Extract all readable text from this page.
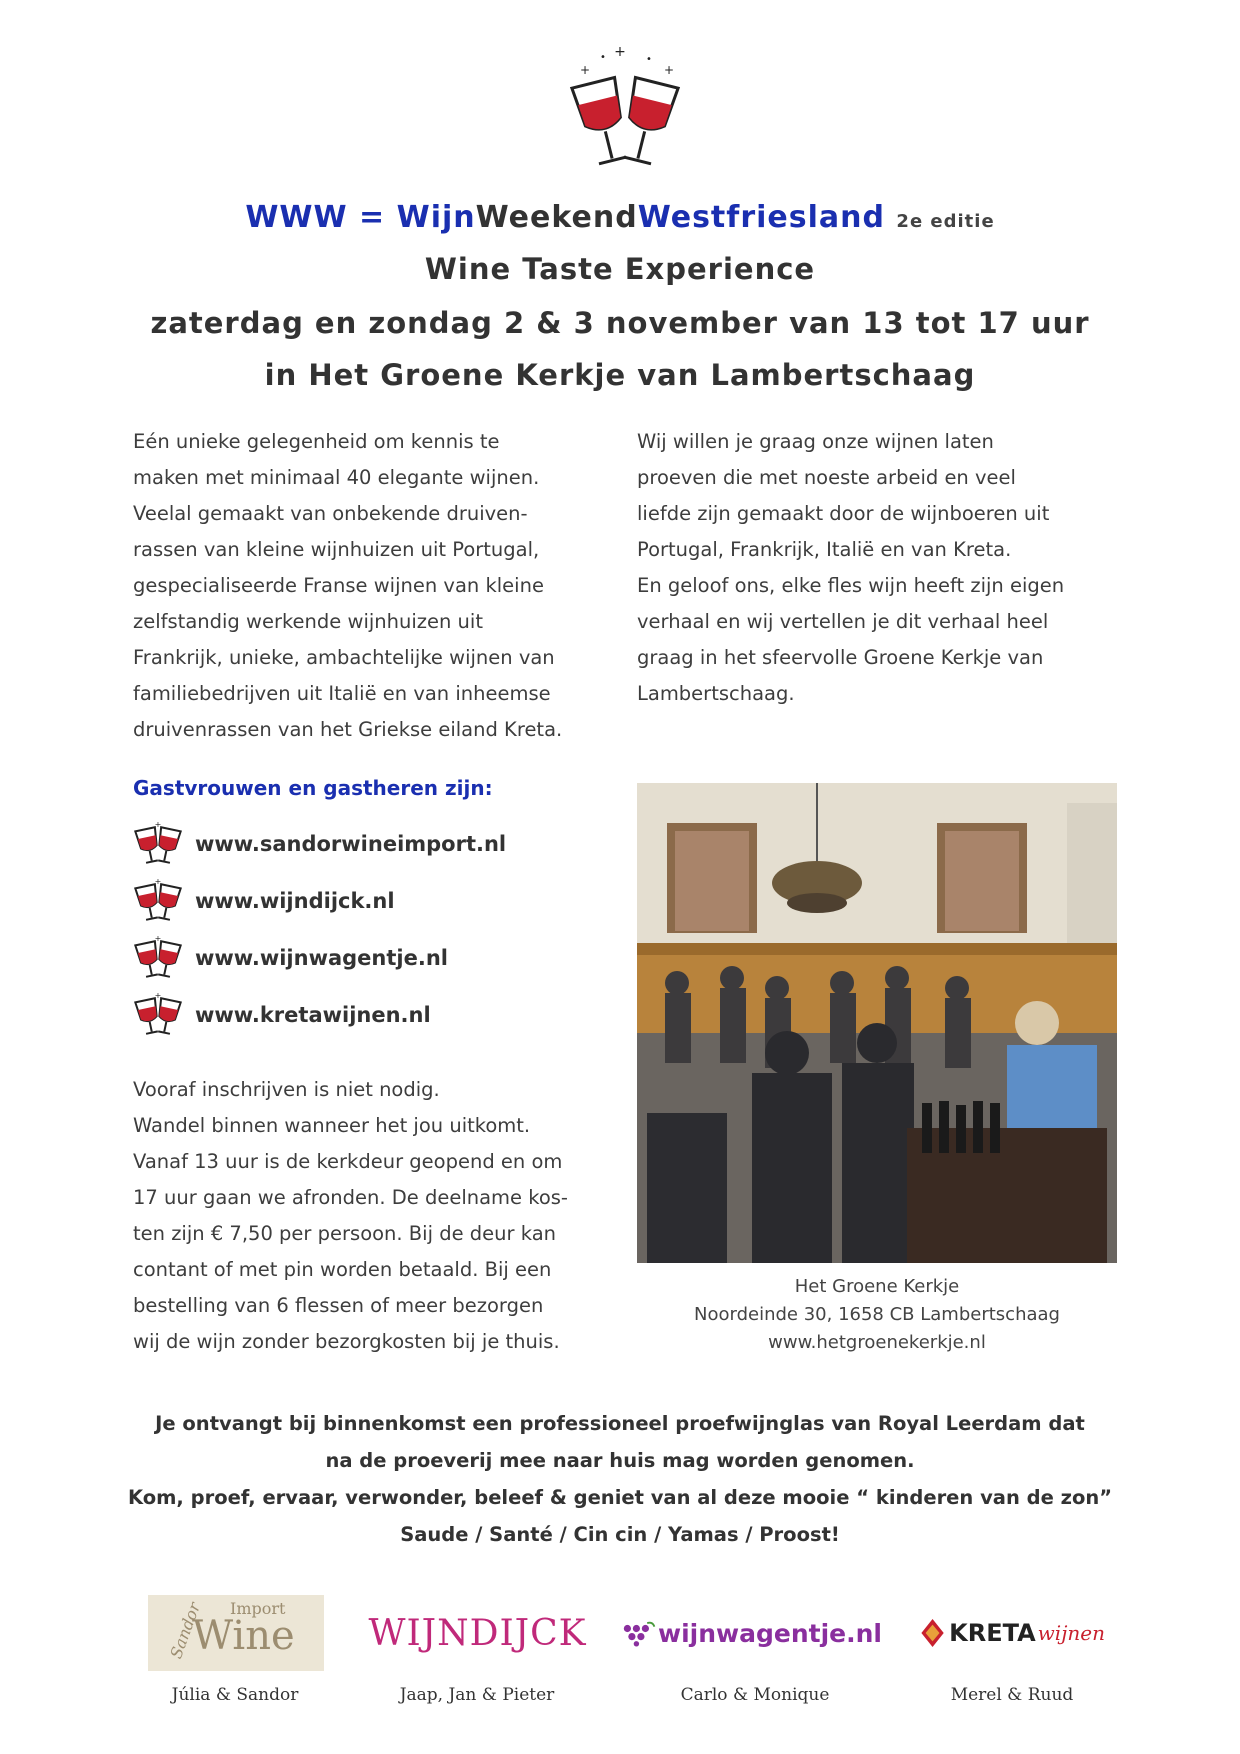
+
+	+
•	•
WWW = WijnWeekendWestfriesland 2e editie
Wine Taste Experience
zaterdag en zondag 2 & 3 november van 13 tot 17 uur
in Het Groene Kerkje van Lambertschaag

Eén unieke gelegenheid om kennis te

maken met minimaal 40 elegante wijnen.

Veelal gemaakt van onbekende druiven-

rassen van kleine wijnhuizen uit Portugal,

gespecialiseerde Franse wijnen van kleine

zelfstandig werkende wijnhuizen uit

Frankrijk, unieke, ambachtelijke wijnen van

familiebedrijven uit Italië en van inheemse

druivenrassen van het Griekse eiland Kreta.

Wij willen je graag onze wijnen laten

proeven die met noeste arbeid en veel

liefde zijn gemaakt door de wijnboeren uit

Portugal, Frankrijk, Italië en van Kreta.

En geloof ons, elke fles wijn heeft zijn eigen

verhaal en wij vertellen je dit verhaal heel

graag in het sfeervolle Groene Kerkje van

Lambertschaag.

Gastvrouwen en gastheren zijn:
+
www.sandorwineimport.nl
+
www.wijndijck.nl
+
www.wijnwagentje.nl
+
www.kretawijnen.nl
Vooraf inschrijven is niet nodig.
Wandel binnen wanneer het jou uitkomt.
Vanaf 13 uur is de kerkdeur geopend en om
17 uur gaan we afronden. De deelname kos-
ten zijn € 7,50 per persoon. Bij de deur kan
contant of met pin worden betaald. Bij een
bestelling van 6 flessen of meer bezorgen
wij de wijn zonder bezorgkosten bij je thuis.
Het Groene Kerkje
Noordeinde 30, 1658 CB Lambertschaag
www.hetgroenekerkje.nl
Je ontvangt bij binnenkomst een professioneel proefwijnglas van Royal Leerdam dat
na de proeverij mee naar huis mag worden genomen.
Kom, proef, ervaar, verwonder, beleef & geniet van al deze mooie “ kinderen van de zon”
Saude / Santé / Cin cin / Yamas / Proost!
Sandor Import
Wine WIJNDIJCK	wijnwagentje.nl	KRETA wijnen
Júlia & Sandor	Jaap, Jan & Pieter	Carlo & Monique	Merel & Ruud
